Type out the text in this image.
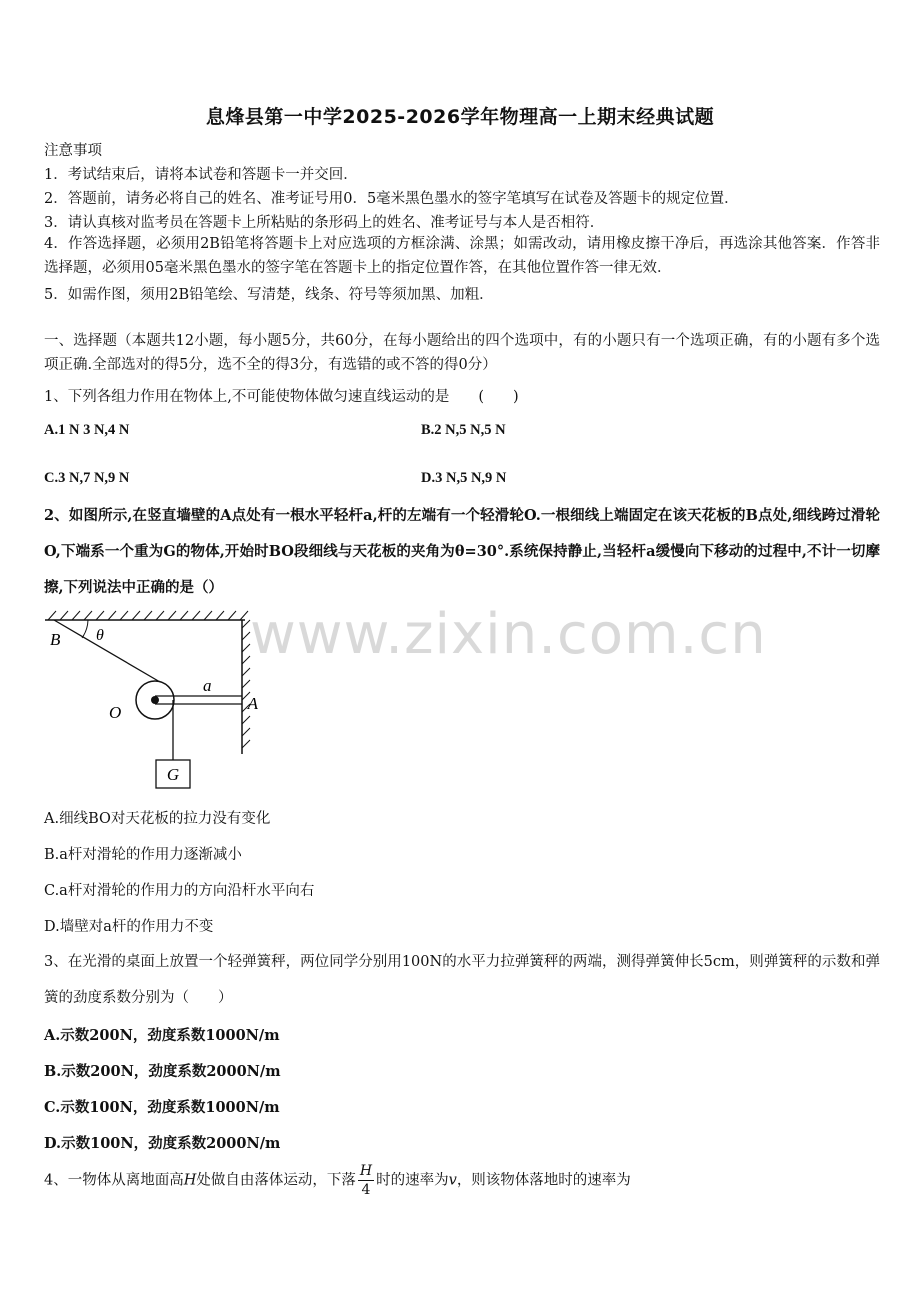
www.zixin.com.cn
息烽县第一中学2025-2026学年物理高一上期末经典试题
注意事项
1．考试结束后，请将本试卷和答题卡一并交回．
2．答题前，请务必将自己的姓名、准考证号用0．5毫米黑色墨水的签字笔填写在试卷及答题卡的规定位置．
3．请认真核对监考员在答题卡上所粘贴的条形码上的姓名、准考证号与本人是否相符．
4．作答选择题，必须用2B铅笔将答题卡上对应选项的方框涂满、涂黑；如需改动，请用橡皮擦干净后，再选涂其他答案．作答非选择题，必须用05毫米黑色墨水的签字笔在答题卡上的指定位置作答，在其他位置作答一律无效．
5．如需作图，须用2B铅笔绘、写清楚，线条、符号等须加黑、加粗．
一、选择题（本题共12小题，每小题5分，共60分，在每小题给出的四个选项中，有的小题只有一个选项正确，有的小题有多个选项正确.全部选对的得5分，选不全的得3分，有选错的或不答的得0分）
1、下列各组力作用在物体上,不可能使物体做匀速直线运动的是　　(　　)
A.1 N 3 N,4 N	B.2 N,5 N,5 N
C.3 N,7 N,9 N	D.3 N,5 N,9 N
2、如图所示,在竖直墙壁的A点处有一根水平轻杆a,杆的左端有一个轻滑轮O.一根细线上端固定在该天花板的B点处,细线跨过滑轮O,下端系一个重为G的物体,开始时BO段细线与天花板的夹角为θ=30°.系统保持静止,当轻杆a缓慢向下移动的过程中,不计一切摩擦,下列说法中正确的是（）
B θ
a
O	A
G
A.细线BO对天花板的拉力没有变化
B.a杆对滑轮的作用力逐渐减小
C.a杆对滑轮的作用力的方向沿杆水平向右
D.墙壁对a杆的作用力不变
3、在光滑的桌面上放置一个轻弹簧秤，两位同学分别用100N的水平力拉弹簧秤的两端，测得弹簧伸长5cm，则弹簧秤的示数和弹簧的劲度系数分别为（　　）
A.示数200N，劲度系数1000N/m
B.示数200N，劲度系数2000N/m
C.示数100N，劲度系数1000N/m
D.示数100N，劲度系数2000N/m
4、一物体从离地面高H处做自由落体运动，下落 $\frac{H}{4}$ 时的速率为v，则该物体落地时的速率为
